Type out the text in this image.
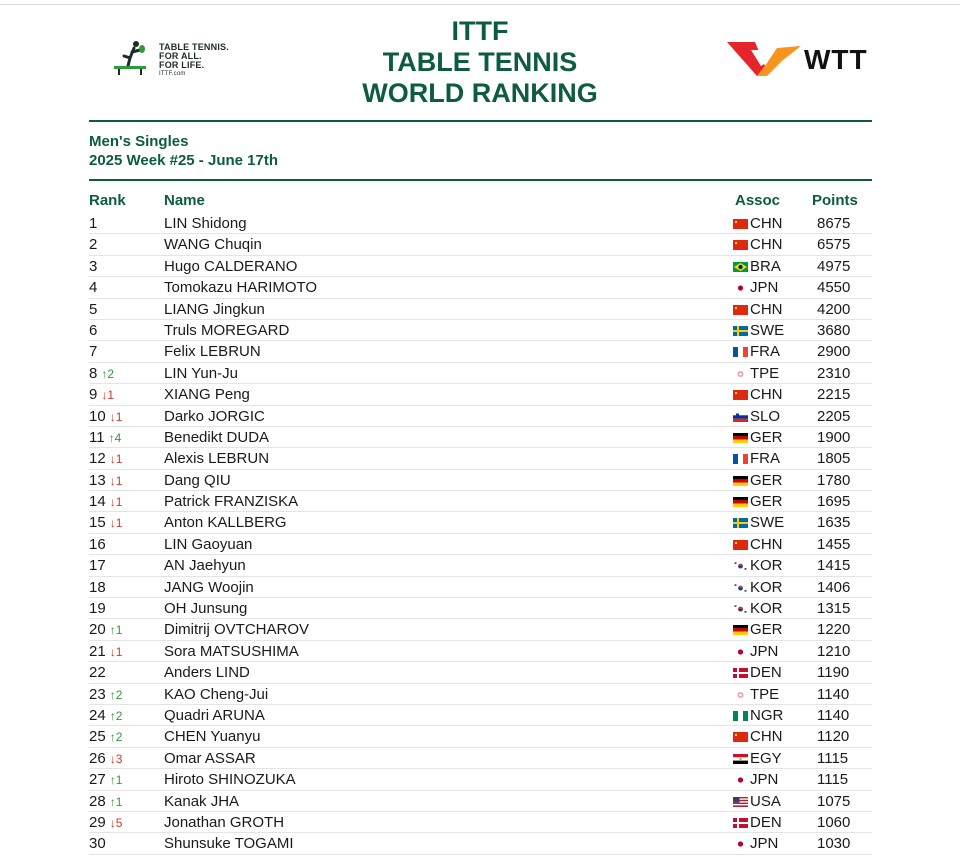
TABLE TENNIS.
FOR ALL.
FOR LIFE.
ITTF.com
ITTF
TABLE TENNIS
WORLD RANKING
WTT
Men's Singles
2025 Week #25 - June 17th
Rank	Name	Assoc Points
1	LIN Shidong	CHN 8675
2	WANG Chuqin	CHN 6575
3	Hugo CALDERANO	BRA 4975
4	Tomokazu HARIMOTO	JPN	4550
5	LIANG Jingkun	CHN 4200
6	Truls MOREGARD	SWE 3680
7	Felix LEBRUN	FRA 2900
8 ↑2	LIN Yun-Ju	TPE	2310
9 ↓1	XIANG Peng	CHN 2215
10 ↓1	Darko JORGIC	SLO 2205
11 ↑4	Benedikt DUDA	GER 1900
12 ↓1	Alexis LEBRUN	FRA 1805
13 ↓1	Dang QIU	GER 1780
14 ↓1	Patrick FRANZISKA	GER 1695
15 ↓1	Anton KALLBERG	SWE 1635
16	LIN Gaoyuan	CHN 1455
17	AN Jaehyun	KOR 1415
18	JANG Woojin	KOR 1406
19	OH Junsung	KOR 1315
20 ↑1	Dimitrij OVTCHAROV	GER 1220
21 ↓1	Sora MATSUSHIMA	JPN	1210
22	Anders LIND	DEN 1190
23 ↑2	KAO Cheng-Jui	TPE	1140
24 ↑2	Quadri ARUNA	NGR 1140
25 ↑2	CHEN Yuanyu	CHN 1120
26 ↓3	Omar ASSAR	EGY 1115
27 ↑1	Hiroto SHINOZUKA	JPN	1115
28 ↑1	Kanak JHA	USA 1075
29 ↓5	Jonathan GROTH	DEN 1060
30	Shunsuke TOGAMI	JPN	1030
